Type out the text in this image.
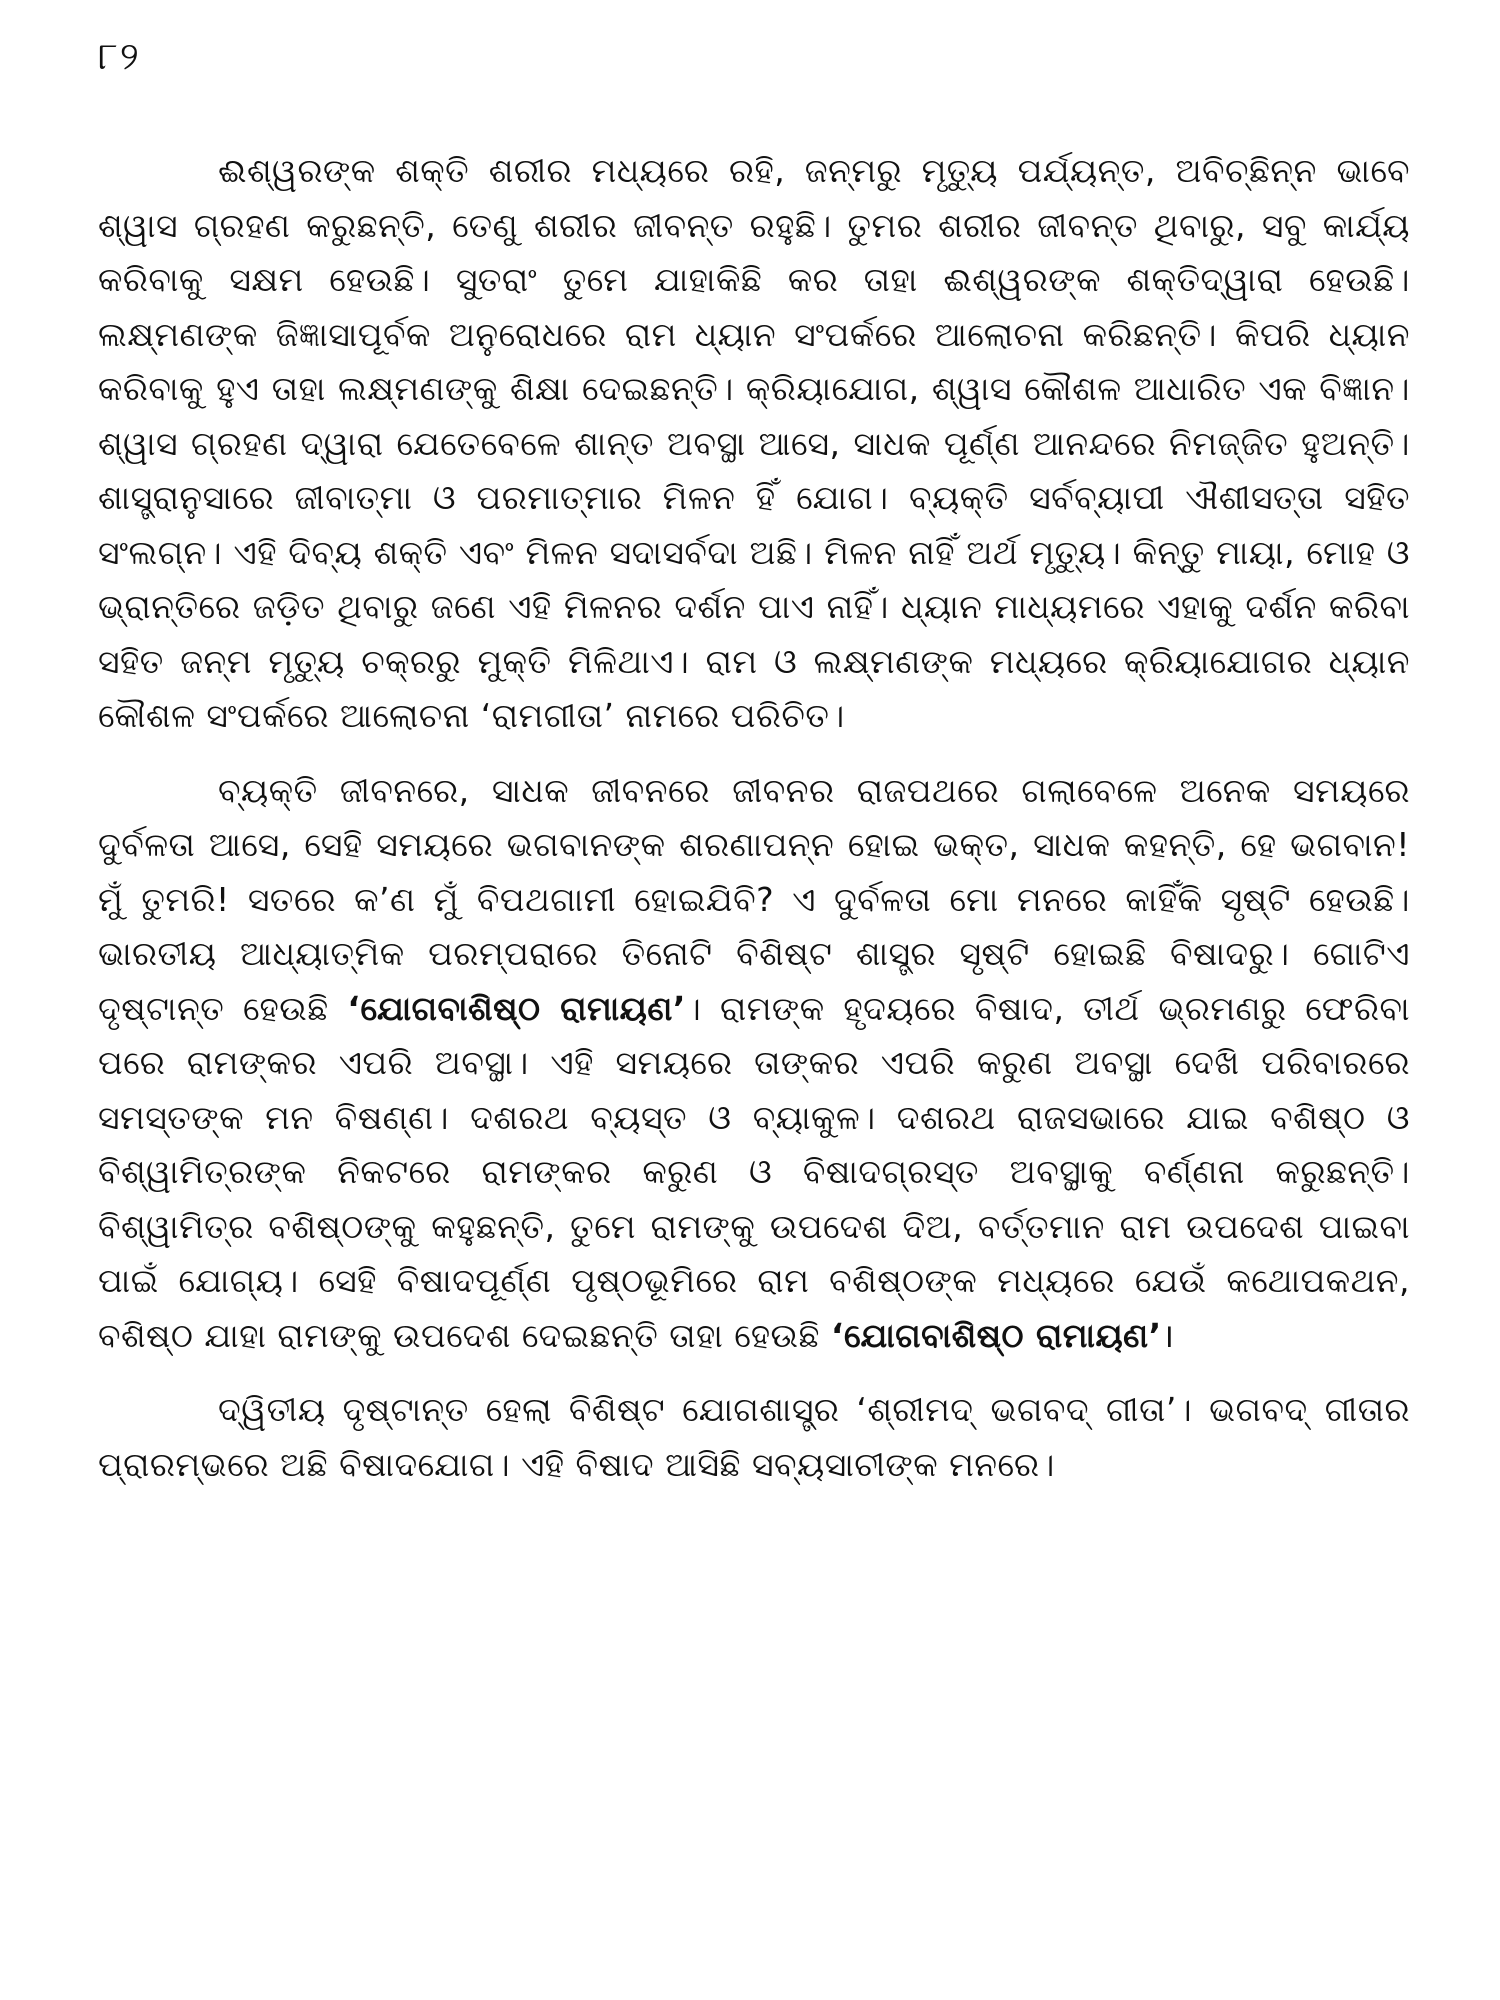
୮୨

ଈଶ୍ୱରଙ୍କ ଶକ୍ତି ଶରୀର ମଧ୍ୟରେ ରହି, ଜନ୍ମରୁ ମୃତ୍ୟୁ ପର୍ଯ୍ୟନ୍ତ, ଅବିଚ୍ଛିନ୍ନ ଭାବେ ଶ୍ୱାସ ଗ୍ରହଣ କରୁଛନ୍ତି, ତେଣୁ ଶରୀର ଜୀବନ୍ତ ରହୁଛି। ତୁମର ଶରୀର ଜୀବନ୍ତ ଥିବାରୁ, ସବୁ କାର୍ଯ୍ୟ କରିବାକୁ ସକ୍ଷମ ହେଉଛି। ସୁତରାଂ ତୁମେ ଯାହାକିଛି କର ତାହା ଈଶ୍ୱରଙ୍କ ଶକ୍ତିଦ୍ୱାରା ହେଉଛି। ଲକ୍ଷ୍ମଣଙ୍କ ଜିଜ୍ଞାସାପୂର୍ବକ ଅନୁରୋଧରେ ରାମ ଧ୍ୟାନ ସଂପର୍କରେ ଆଲୋଚନା କରିଛନ୍ତି। କିପରି ଧ୍ୟାନ କରିବାକୁ ହୁଏ ତାହା ଲକ୍ଷ୍ମଣଙ୍କୁ ଶିକ୍ଷା ଦେଇଛନ୍ତି। କ୍ରିୟାଯୋଗ, ଶ୍ୱାସ କୌଶଳ ଆଧାରିତ ଏକ ବିଜ୍ଞାନ। ଶ୍ୱାସ ଗ୍ରହଣ ଦ୍ୱାରା ଯେତେବେଳେ ଶାନ୍ତ ଅବସ୍ଥା ଆସେ, ସାଧକ ପୂର୍ଣ୍ଣ ଆନନ୍ଦରେ ନିମଜ୍ଜିତ ହୁଅନ୍ତି। ଶାସ୍ତ୍ରାନୁସାରେ ଜୀବାତ୍ମା ଓ ପରମାତ୍ମାର ମିଳନ ହିଁ ଯୋଗ। ବ୍ୟକ୍ତି ସର୍ବବ୍ୟାପୀ ଐଶୀସତ୍ତା ସହିତ ସଂଲଗ୍ନ। ଏହି ଦିବ୍ୟ ଶକ୍ତି ଏବଂ ମିଳନ ସଦାସର୍ବଦା ଅଛି। ମିଳନ ନାହିଁ ଅର୍ଥ ମୃତ୍ୟୁ। କିନ୍ତୁ ମାୟା, ମୋହ ଓ ଭ୍ରାନ୍ତିରେ ଜଡ଼ିତ ଥିବାରୁ ଜଣେ ଏହି ମିଳନର ଦର୍ଶନ ପାଏ ନାହିଁ। ଧ୍ୟାନ ମାଧ୍ୟମରେ ଏହାକୁ ଦର୍ଶନ କରିବା ସହିତ ଜନ୍ମ ମୃତ୍ୟୁ ଚକ୍ରରୁ ମୁକ୍ତି ମିଳିଥାଏ। ରାମ ଓ ଲକ୍ଷ୍ମଣଙ୍କ ମଧ୍ୟରେ କ୍ରିୟାଯୋଗର ଧ୍ୟାନ କୌଶଳ ସଂପର୍କରେ ଆଲୋଚନା ‘ରାମଗୀତା’ ନାମରେ ପରିଚିତ।

ବ୍ୟକ୍ତି ଜୀବନରେ, ସାଧକ ଜୀବନରେ ଜୀବନର ରାଜପଥରେ ଗଲାବେଳେ ଅନେକ ସମୟରେ ଦୁର୍ବଳତା ଆସେ, ସେହି ସମୟରେ ଭଗବାନଙ୍କ ଶରଣାପନ୍ନ ହୋଇ ଭକ୍ତ, ସାଧକ କହନ୍ତି, ହେ ଭଗବାନ! ମୁଁ ତୁମରି! ସତରେ କ’ଣ ମୁଁ ବିପଥଗାମୀ ହୋଇଯିବି? ଏ ଦୁର୍ବଳତା ମୋ ମନରେ କାହିଁକି ସୃଷ୍ଟି ହେଉଛି। ଭାରତୀୟ ଆଧ୍ୟାତ୍ମିକ ପରମ୍ପରାରେ ତିନୋଟି ବିଶିଷ୍ଟ ଶାସ୍ତ୍ର ସୃଷ୍ଟି ହୋଇଛି ବିଷାଦରୁ। ଗୋଟିଏ ଦୃଷ୍ଟାନ୍ତ ହେଉଛି ‘ଯୋଗବାଶିଷ୍ଠ ରାମାୟଣ’। ରାମଙ୍କ ହୃଦୟରେ ବିଷାଦ, ତୀର୍ଥ ଭ୍ରମଣରୁ ଫେରିବା ପରେ ରାମଙ୍କର ଏପରି ଅବସ୍ଥା। ଏହି ସମୟରେ ତାଙ୍କର ଏପରି କରୁଣ ଅବସ୍ଥା ଦେଖି ପରିବାରରେ ସମସ୍ତଙ୍କ ମନ ବିଷଣ୍ଣ। ଦଶରଥ ବ୍ୟସ୍ତ ଓ ବ୍ୟାକୁଳ। ଦଶରଥ ରାଜସଭାରେ ଯାଇ ବଶିଷ୍ଠ ଓ ବିଶ୍ୱାମିତ୍ରଙ୍କ ନିକଟରେ ରାମଙ୍କର କରୁଣ ଓ ବିଷାଦଗ୍ରସ୍ତ ଅବସ୍ଥାକୁ ବର୍ଣ୍ଣନା କରୁଛନ୍ତି। ବିଶ୍ୱାମିତ୍ର ବଶିଷ୍ଠଙ୍କୁ କହୁଛନ୍ତି, ତୁମେ ରାମଙ୍କୁ ଉପଦେଶ ଦିଅ, ବର୍ତ୍ତମାନ ରାମ ଉପଦେଶ ପାଇବା ପାଇଁ ଯୋଗ୍ୟ। ସେହି ବିଷାଦପୂର୍ଣ୍ଣ ପୃଷ୍ଠଭୂମିରେ ରାମ ବଶିଷ୍ଠଙ୍କ ମଧ୍ୟରେ ଯେଉଁ କଥୋପକଥନ, ବଶିଷ୍ଠ ଯାହା ରାମଙ୍କୁ ଉପଦେଶ ଦେଇଛନ୍ତି ତାହା ହେଉଛି ‘ଯୋଗବାଶିଷ୍ଠ ରାମାୟଣ’।

ଦ୍ୱିତୀୟ ଦୃଷ୍ଟାନ୍ତ ହେଲା ବିଶିଷ୍ଟ ଯୋଗଶାସ୍ତ୍ର ‘ଶ୍ରୀମଦ୍ ଭଗବଦ୍ ଗୀତା’। ଭଗବଦ୍ ଗୀତାର ପ୍ରାରମ୍ଭରେ ଅଛି ବିଷାଦଯୋଗ। ଏହି ବିଷାଦ ଆସିଛି ସବ୍ୟସାଚୀଙ୍କ ମନରେ।
